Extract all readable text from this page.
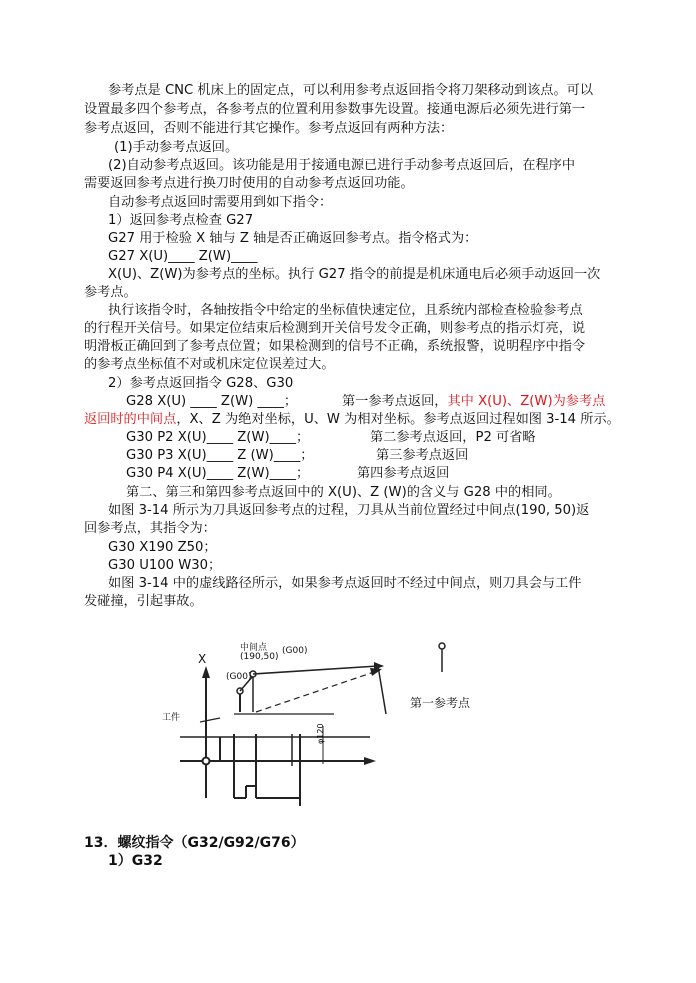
参考点是 CNC 机床上的固定点，可以利用参考点返回指令将刀架移动到该点。可以
设置最多四个参考点，各参考点的位置利用参数事先设置。接通电源后必须先进行第一
参考点返回，否则不能进行其它操作。参考点返回有两种方法：
(1)手动参考点返回。
(2)自动参考点返回。该功能是用于接通电源已进行手动参考点返回后，在程序中
需要返回参考点进行换刀时使用的自动参考点返回功能。
自动参考点返回时需要用到如下指令：
1）返回参考点检查 G27
G27 用于检验 X 轴与 Z 轴是否正确返回参考点。指令格式为：
G27 X(U)____ Z(W)____
X(U)、Z(W)为参考点的坐标。执行 G27 指令的前提是机床通电后必须手动返回一次
参考点。
执行该指令时，各轴按指令中给定的坐标值快速定位，且系统内部检查检验参考点
的行程开关信号。如果定位结束后检测到开关信号发令正确，则参考点的指示灯亮，说
明滑板正确回到了参考点位置；如果检测到的信号不正确，系统报警，说明程序中指令
的参考点坐标值不对或机床定位误差过大。
2）参考点返回指令 G28、G30
G28 X(U) ____ Z(W) ____；	第一参考点返回，其中 X(U)、Z(W)为参考点
返回时的中间点，X、Z 为绝对坐标，U、W 为相对坐标。参考点返回过程如图 3-14 所示。
G30 P2 X(U)____ Z(W)____；	第二参考点返回，P2 可省略
G30 P3 X(U)____ Z (W)____；	第三参考点返回
G30 P4 X(U)____ Z(W)____；	第四参考点返回
第二、第三和第四参考点返回中的 X(U)、Z (W)的含义与 G28 中的相同。
如图 3-14 所示为刀具返回参考点的过程，刀具从当前位置经过中间点(190, 50)返
回参考点，其指令为：
G30 X190 Z50；
G30 U100 W30；
如图 3-14 中的虚线路径所示，如果参考点返回时不经过中间点，则刀具会与工件
发碰撞，引起事故。
X
中间点
(190,50)
(G00)
(G00)
工件
φ120
第一参考点
13．螺纹指令（G32/G92/G76）
1）G32
